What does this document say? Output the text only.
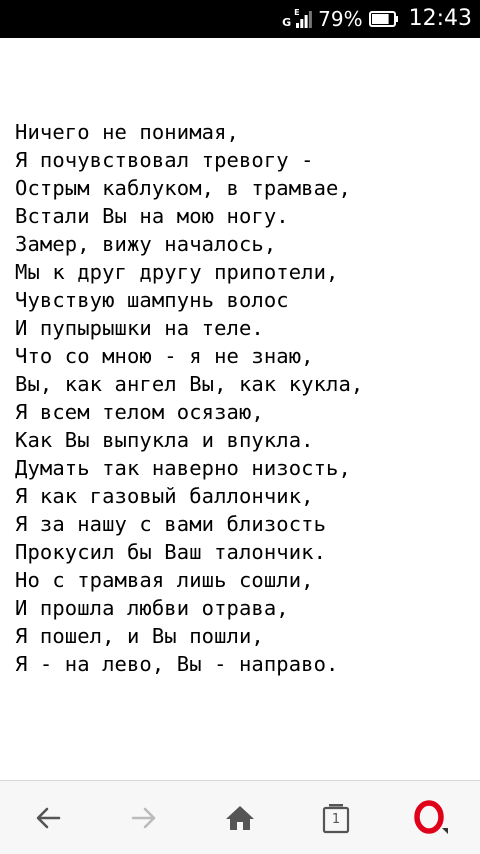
G
E 79% 12:43
Ничего не понимая,
Я почувствовал тревогу -
Острым каблуком, в трамвае,
Встали Вы на мою ногу.
Замер, вижу началось,
Мы к друг другу припотели,
Чувствую шампунь волос
И пупырышки на теле.
Что со мною - я не знаю,
Вы, как ангел Вы, как кукла,
Я всем телом осязаю,
Как Вы выпукла и впукла.
Думать так наверно низость,
Я как газовый баллончик,
Я за нашу с вами близость
Прокусил бы Ваш талончик.
Но с трамвая лишь сошли,
И прошла любви отрава,
Я пошел, и Вы пошли,
Я - на лево, Вы - направо.
1
